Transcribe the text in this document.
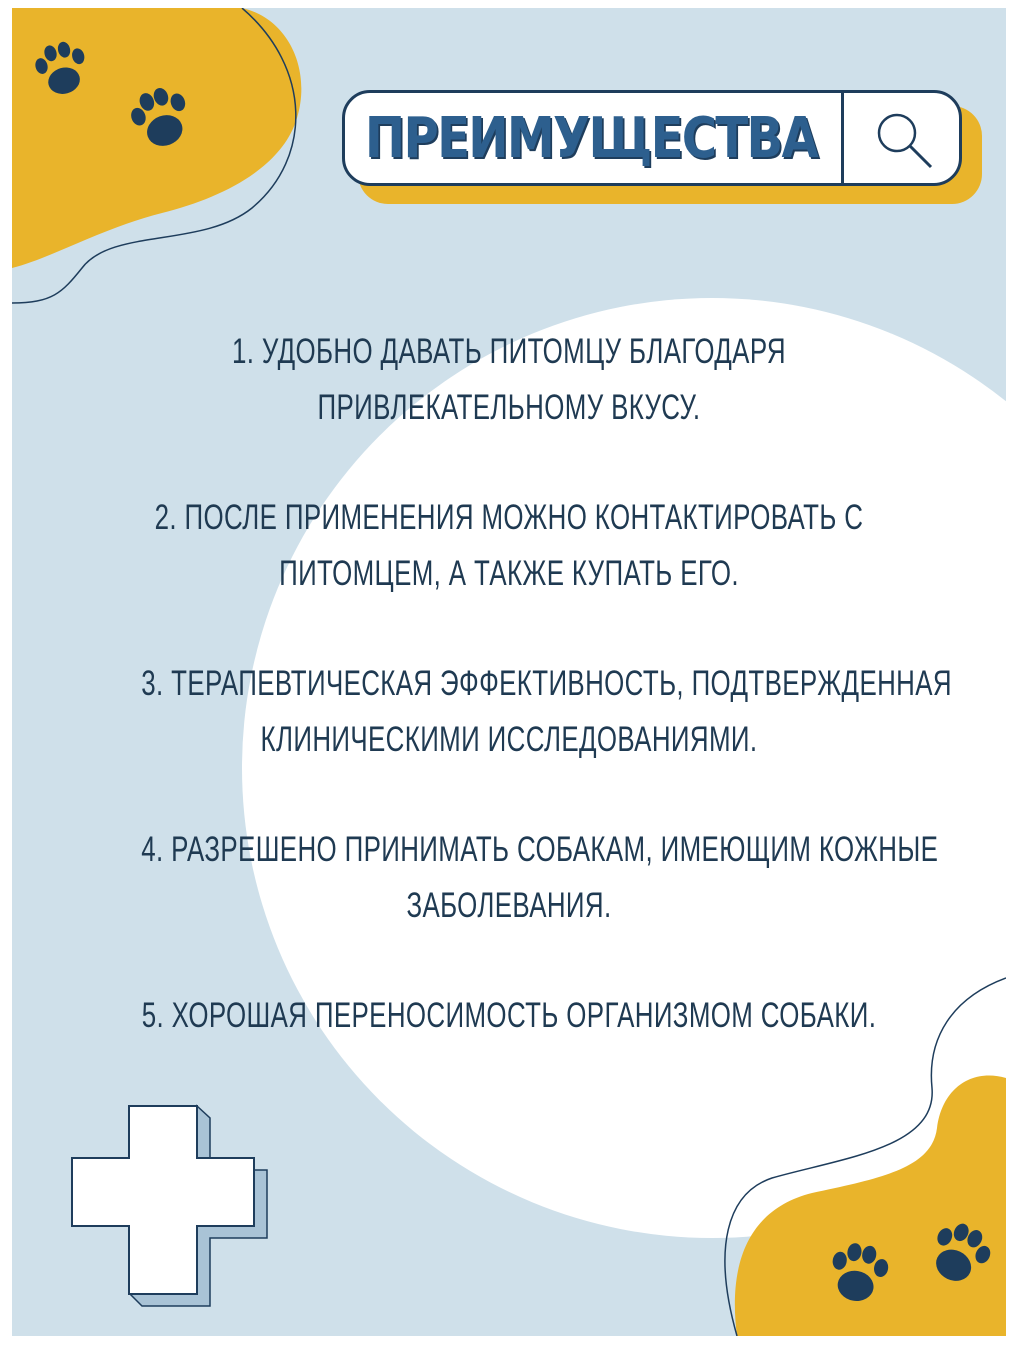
ПРЕИМУЩЕСТВА
1. УДОБНО ДАВАТЬ ПИТОМЦУ БЛАГОДАРЯ
ПРИВЛЕКАТЕЛЬНОМУ ВКУСУ.
2. ПОСЛЕ ПРИМЕНЕНИЯ МОЖНО КОНТАКТИРОВАТЬ С
ПИТОМЦЕМ, А ТАКЖЕ КУПАТЬ ЕГО.
3. ТЕРАПЕВТИЧЕСКАЯ ЭФФЕКТИВНОСТЬ, ПОДТВЕРЖДЕННАЯ
КЛИНИЧЕСКИМИ ИССЛЕДОВАНИЯМИ.
4. РАЗРЕШЕНО ПРИНИМАТЬ СОБАКАМ, ИМЕЮЩИМ КОЖНЫЕ
ЗАБОЛЕВАНИЯ.
5. ХОРОШАЯ ПЕРЕНОСИМОСТЬ ОРГАНИЗМОМ СОБАКИ.
